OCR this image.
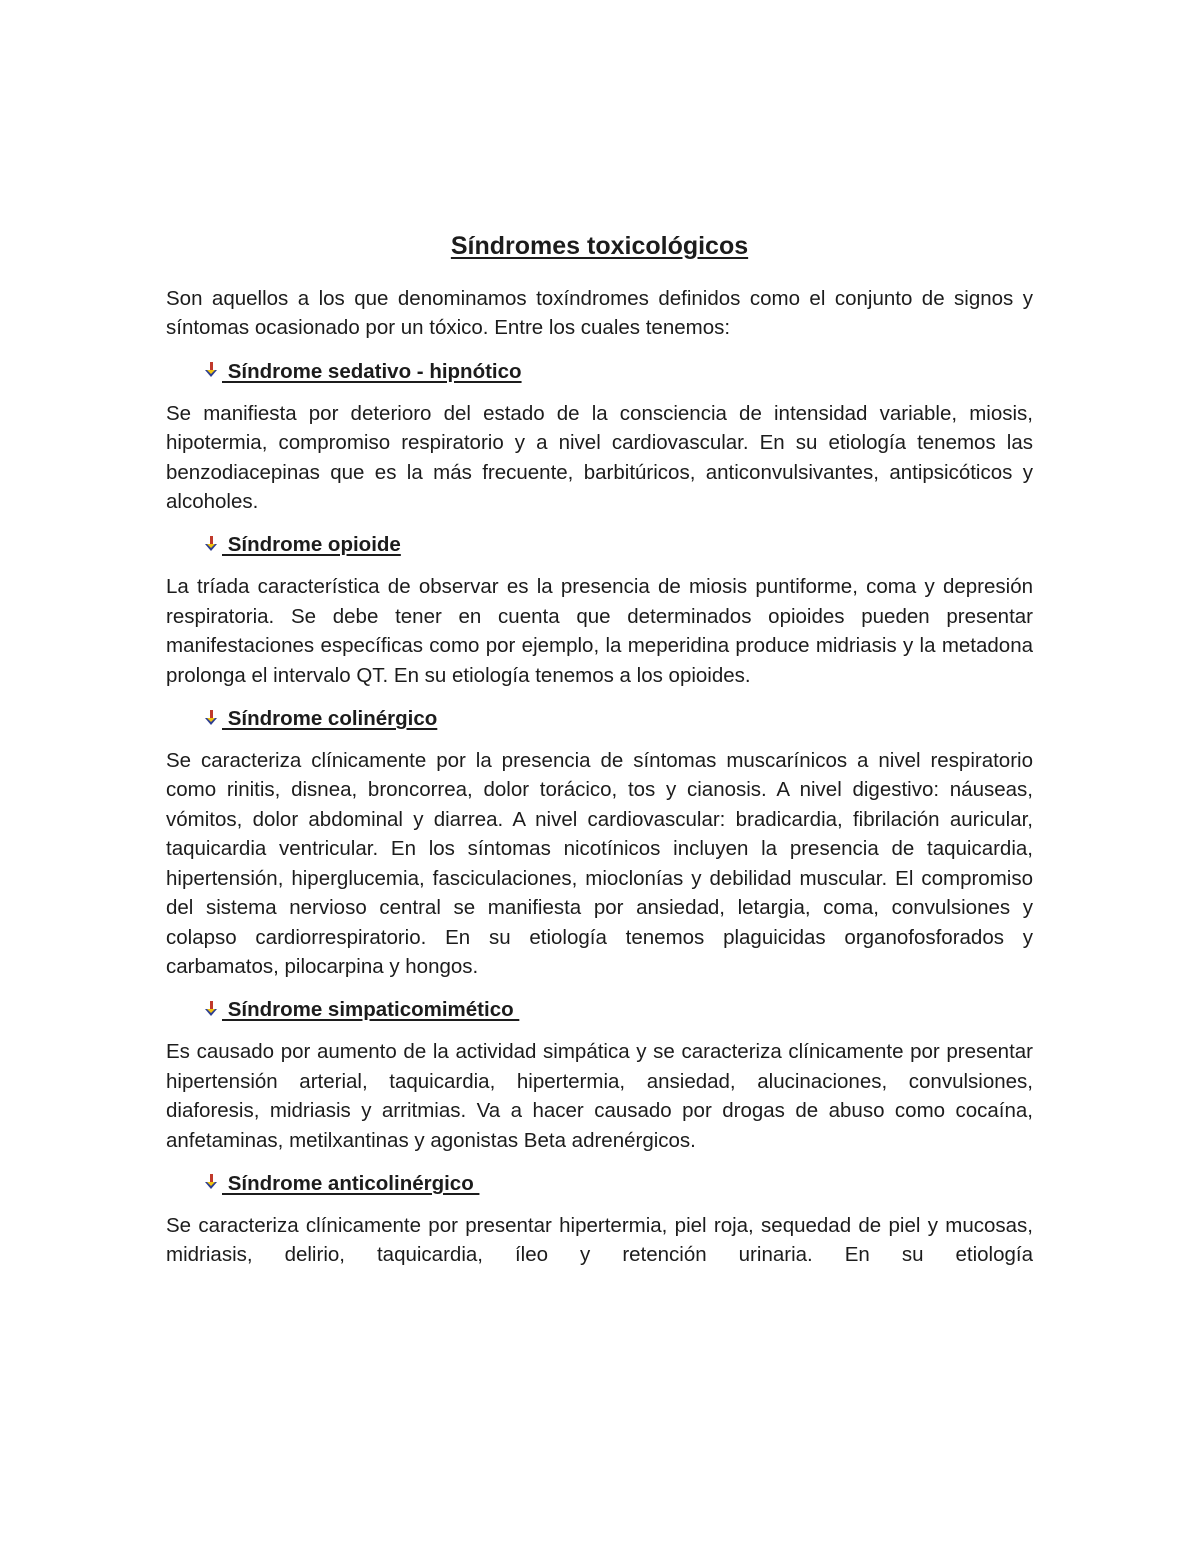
Síndromes toxicológicos

Son aquellos a los que denominamos toxíndromes definidos como el conjunto de signos y síntomas ocasionado por un tóxico. Entre los cuales tenemos:

Síndrome sedativo - hipnótico

Se manifiesta por deterioro del estado de la consciencia de intensidad variable, miosis, hipotermia, compromiso respiratorio y a nivel cardiovascular. En su etiología tenemos las benzodiacepinas que es la más frecuente, barbitúricos, anticonvulsivantes, antipsicóticos y alcoholes.

Síndrome opioide

La tríada característica de observar es la presencia de miosis puntiforme, coma y depresión respiratoria. Se debe tener en cuenta que determinados opioides pueden presentar manifestaciones específicas como por ejemplo, la meperidina produce midriasis y la metadona prolonga el intervalo QT. En su etiología tenemos a los opioides.

Síndrome colinérgico

Se caracteriza clínicamente por la presencia de síntomas muscarínicos a nivel respiratorio como rinitis, disnea, broncorrea, dolor torácico, tos y cianosis. A nivel digestivo: náuseas, vómitos, dolor abdominal y diarrea. A nivel cardiovascular: bradicardia, fibrilación auricular, taquicardia ventricular. En los síntomas nicotínicos incluyen la presencia de taquicardia, hipertensión, hiperglucemia, fasciculaciones, mioclonías y debilidad muscular. El compromiso del sistema nervioso central se manifiesta por ansiedad, letargia, coma, convulsiones y colapso cardiorrespiratorio. En su etiología tenemos plaguicidas organofosforados y carbamatos, pilocarpina y hongos.

Síndrome simpaticomimético

Es causado por aumento de la actividad simpática y se caracteriza clínicamente por presentar hipertensión arterial, taquicardia, hipertermia, ansiedad, alucinaciones, convulsiones, diaforesis, midriasis y arritmias. Va a hacer causado por drogas de abuso como cocaína, anfetaminas, metilxantinas y agonistas Beta adrenérgicos.

Síndrome anticolinérgico

Se caracteriza clínicamente por presentar hipertermia, piel roja, sequedad de piel y mucosas, midriasis, delirio, taquicardia, íleo y retención urinaria. En su etiología
